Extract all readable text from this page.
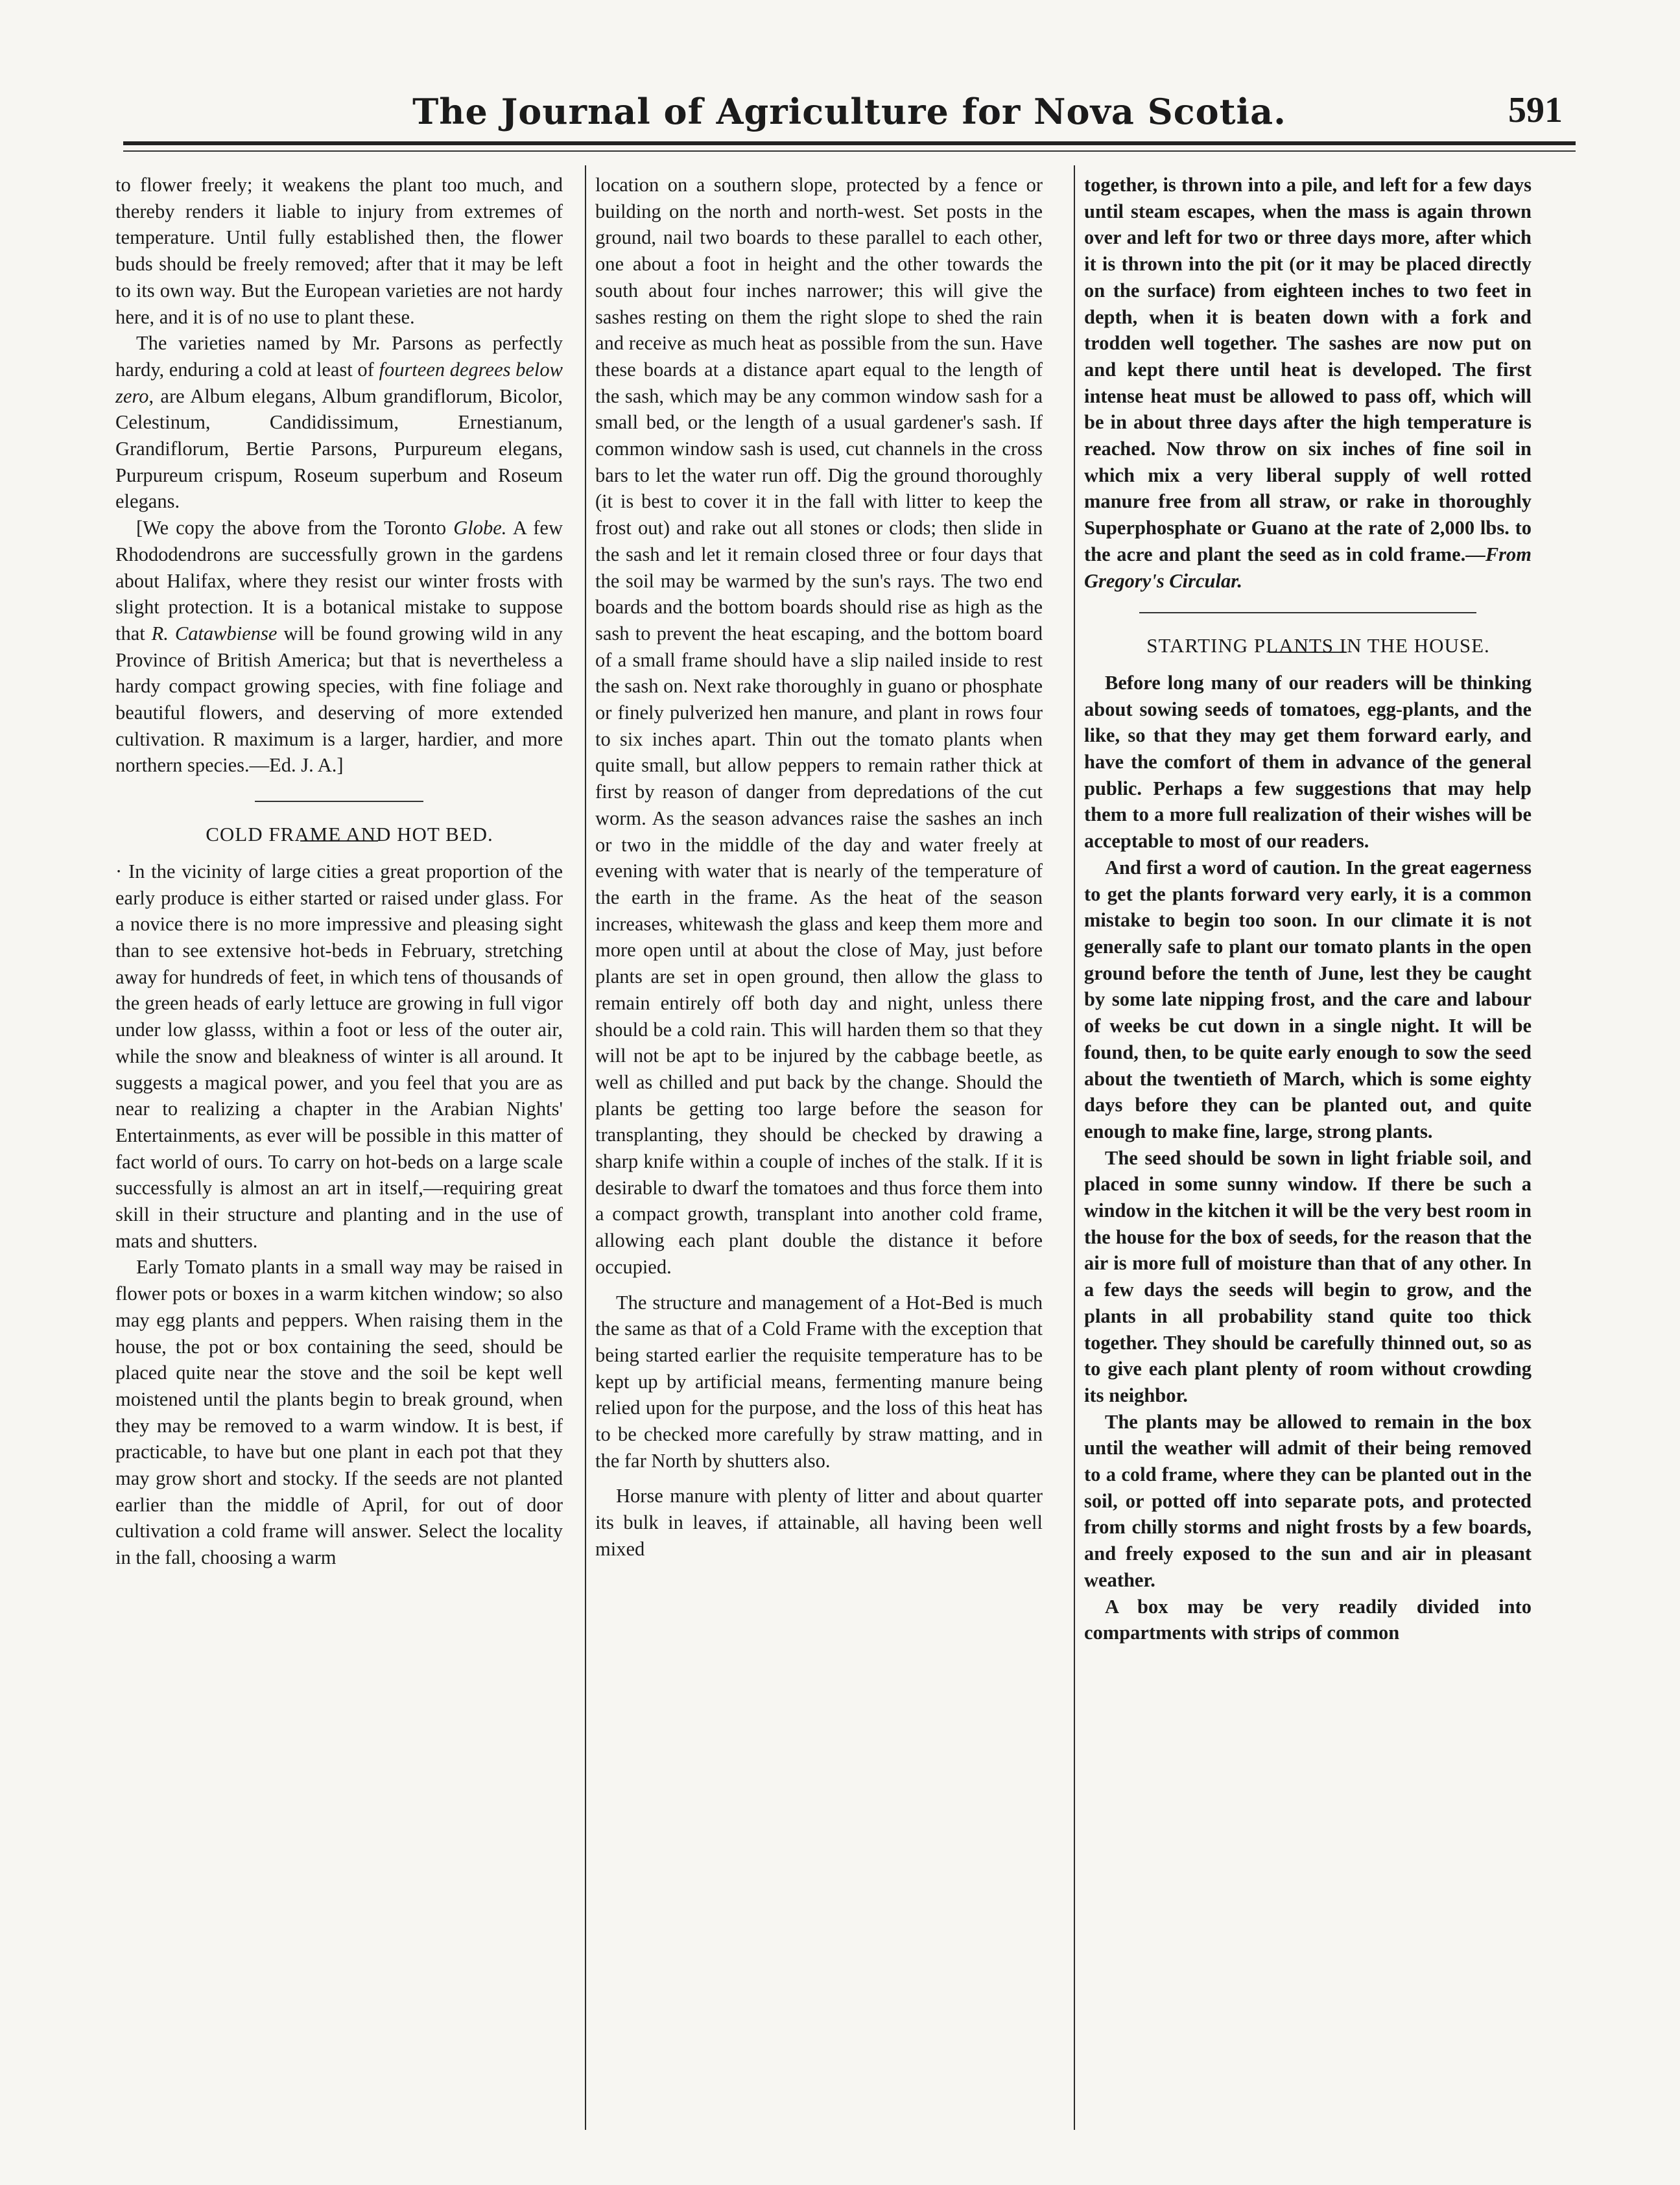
The Journal of Agriculture for Nova Scotia.	591

to flower freely; it weakens the plant too much, and thereby renders it liable to injury from extremes of temperature. Until fully established then, the flower buds should be freely removed; after that it may be left to its own way. But the European varieties are not hardy here, and it is of no use to plant these.

The varieties named by Mr. Parsons as perfectly hardy, enduring a cold at least of fourteen degrees below zero, are Album elegans, Album grandiflorum, Bicolor, Celestinum, Candidissimum, Ernestianum, Grandiflorum, Bertie Parsons, Purpureum elegans, Purpureum crispum, Roseum superbum and Roseum elegans.

[We copy the above from the Toronto Globe. A few Rhododendrons are successfully grown in the gardens about Halifax, where they resist our winter frosts with slight protection. It is a botanical mistake to suppose that R. Catawbiense will be found growing wild in any Province of British America; but that is nevertheless a hardy compact growing species, with fine foliage and beautiful flowers, and deserving of more extended cultivation. R maximum is a larger, hardier, and more northern species.—Ed. J. A.]

COLD FRAME AND HOT BED.

· In the vicinity of large cities a great proportion of the early produce is either started or raised under glass. For a novice there is no more impressive and pleasing sight than to see extensive hot-beds in February, stretching away for hundreds of feet, in which tens of thousands of the green heads of early lettuce are growing in full vigor under low glasss, within a foot or less of the outer air, while the snow and bleakness of winter is all around. It suggests a magical power, and you feel that you are as near to realizing a chapter in the Arabian Nights' Entertainments, as ever will be possible in this matter of fact world of ours. To carry on hot-beds on a large scale successfully is almost an art in itself,—requiring great skill in their structure and planting and in the use of mats and shutters.

Early Tomato plants in a small way may be raised in flower pots or boxes in a warm kitchen window; so also may egg plants and peppers. When raising them in the house, the pot or box containing the seed, should be placed quite near the stove and the soil be kept well moistened until the plants begin to break ground, when they may be removed to a warm window. It is best, if practicable, to have but one plant in each pot that they may grow short and stocky. If the seeds are not planted earlier than the middle of April, for out of door cultivation a cold frame will answer. Select the locality in the fall, choosing a warm

location on a southern slope, protected by a fence or building on the north and north-west. Set posts in the ground, nail two boards to these parallel to each other, one about a foot in height and the other towards the south about four inches narrower; this will give the sashes resting on them the right slope to shed the rain and receive as much heat as possible from the sun. Have these boards at a distance apart equal to the length of the sash, which may be any common window sash for a small bed, or the length of a usual gardener's sash. If common window sash is used, cut channels in the cross bars to let the water run off. Dig the ground thoroughly (it is best to cover it in the fall with litter to keep the frost out) and rake out all stones or clods; then slide in the sash and let it remain closed three or four days that the soil may be warmed by the sun's rays. The two end boards and the bottom boards should rise as high as the sash to prevent the heat escaping, and the bottom board of a small frame should have a slip nailed inside to rest the sash on. Next rake thoroughly in guano or phosphate or finely pulverized hen manure, and plant in rows four to six inches apart. Thin out the tomato plants when quite small, but allow peppers to remain rather thick at first by reason of danger from depredations of the cut worm. As the season advances raise the sashes an inch or two in the middle of the day and water freely at evening with water that is nearly of the temperature of the earth in the frame. As the heat of the season increases, whitewash the glass and keep them more and more open until at about the close of May, just before plants are set in open ground, then allow the glass to remain entirely off both day and night, unless there should be a cold rain. This will harden them so that they will not be apt to be injured by the cabbage beetle, as well as chilled and put back by the change. Should the plants be getting too large before the season for transplanting, they should be checked by drawing a sharp knife within a couple of inches of the stalk. If it is desirable to dwarf the tomatoes and thus force them into a compact growth, transplant into another cold frame, allowing each plant double the distance it before occupied.

The structure and management of a Hot-Bed is much the same as that of a Cold Frame with the exception that being started earlier the requisite temperature has to be kept up by artificial means, fermenting manure being relied upon for the purpose, and the loss of this heat has to be checked more carefully by straw matting, and in the far North by shutters also.

Horse manure with plenty of litter and about quarter its bulk in leaves, if attainable, all having been well mixed

together, is thrown into a pile, and left for a few days until steam escapes, when the mass is again thrown over and left for two or three days more, after which it is thrown into the pit (or it may be placed directly on the surface) from eighteen inches to two feet in depth, when it is beaten down with a fork and trodden well together. The sashes are now put on and kept there until heat is developed. The first intense heat must be allowed to pass off, which will be in about three days after the high temperature is reached. Now throw on six inches of fine soil in which mix a very liberal supply of well rotted manure free from all straw, or rake in thoroughly Superphosphate or Guano at the rate of 2,000 lbs. to the acre and plant the seed as in cold frame.—From Gregory's Circular.

STARTING PLANTS IN THE HOUSE.

Before long many of our readers will be thinking about sowing seeds of tomatoes, egg-plants, and the like, so that they may get them forward early, and have the comfort of them in advance of the general public. Perhaps a few suggestions that may help them to a more full realization of their wishes will be acceptable to most of our readers.

And first a word of caution. In the great eagerness to get the plants forward very early, it is a common mistake to begin too soon. In our climate it is not generally safe to plant our tomato plants in the open ground before the tenth of June, lest they be caught by some late nipping frost, and the care and labour of weeks be cut down in a single night. It will be found, then, to be quite early enough to sow the seed about the twentieth of March, which is some eighty days before they can be planted out, and quite enough to make fine, large, strong plants.

The seed should be sown in light friable soil, and placed in some sunny window. If there be such a window in the kitchen it will be the very best room in the house for the box of seeds, for the reason that the air is more full of moisture than that of any other. In a few days the seeds will begin to grow, and the plants in all probability stand quite too thick together. They should be carefully thinned out, so as to give each plant plenty of room without crowding its neighbor.

The plants may be allowed to remain in the box until the weather will admit of their being removed to a cold frame, where they can be planted out in the soil, or potted off into separate pots, and protected from chilly storms and night frosts by a few boards, and freely exposed to the sun and air in pleasant weather.

A box may be very readily divided into compartments with strips of common
